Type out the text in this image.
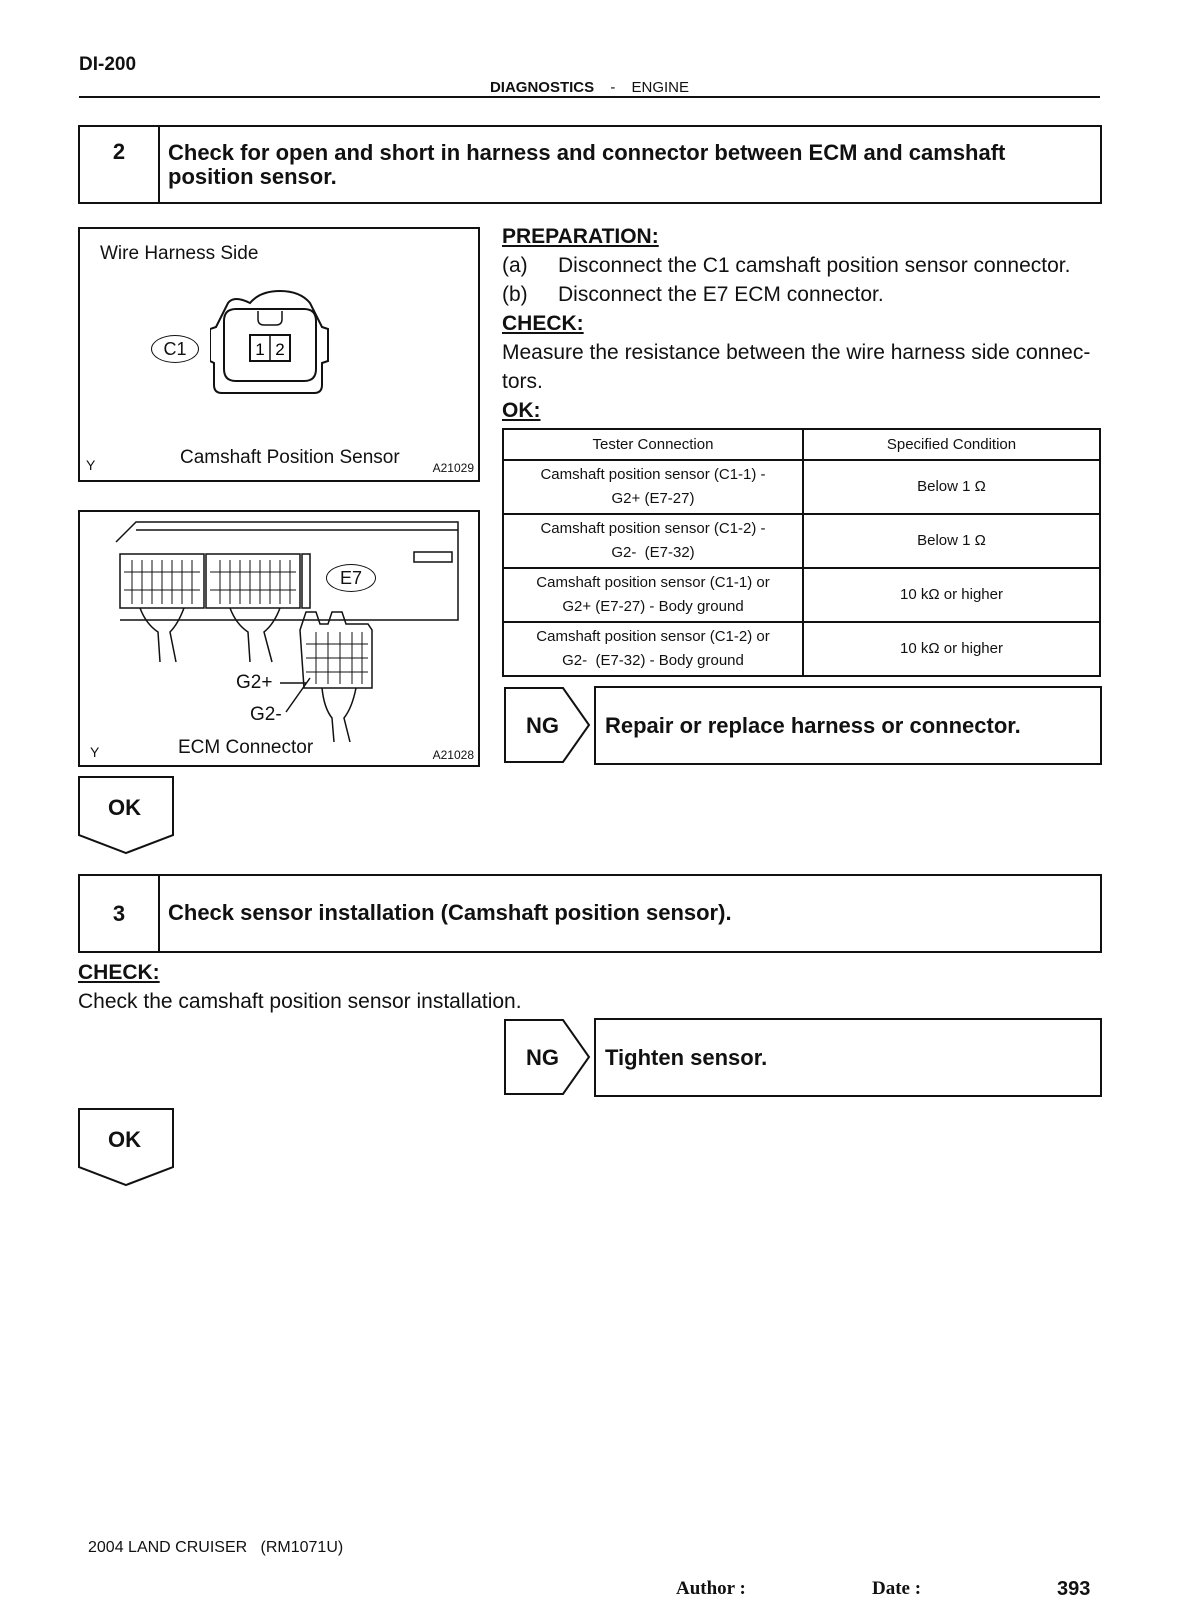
DI-200
DIAGNOSTICS - ENGINE
2	Check for open and short in harness and connector between ECM and camshaft position sensor.
Wire Harness Side
C1	1 2
Y	Camshaft Position Sensor	A21029
E7
G2+
G2-
Y	ECM Connector	A21028
PREPARATION:
(a) Disconnect the C1 camshaft position sensor connector.
(b) Disconnect the E7 ECM connector.
CHECK:
Measure the resistance between the wire harness side connec-
tors.
OK:
Tester Connection	Specified Condition

Camshaft position sensor (C1-1) -
G2+ (E7-27)	Below 1 Ω

Camshaft position sensor (C1-2) -
G2-  (E7-32)	Below 1 Ω

Camshaft position sensor (C1-1) or
G2+ (E7-27) - Body ground	10 kΩ or higher

Camshaft position sensor (C1-2) or
G2-  (E7-32) - Body ground	10 kΩ or higher
NG Repair or replace harness or connector.
OK
3	Check sensor installation (Camshaft position sensor).
CHECK:
Check the camshaft position sensor installation.
NG Tighten sensor.
OK
2004 LAND CRUISER   (RM1071U)
Author :	Date :	393
